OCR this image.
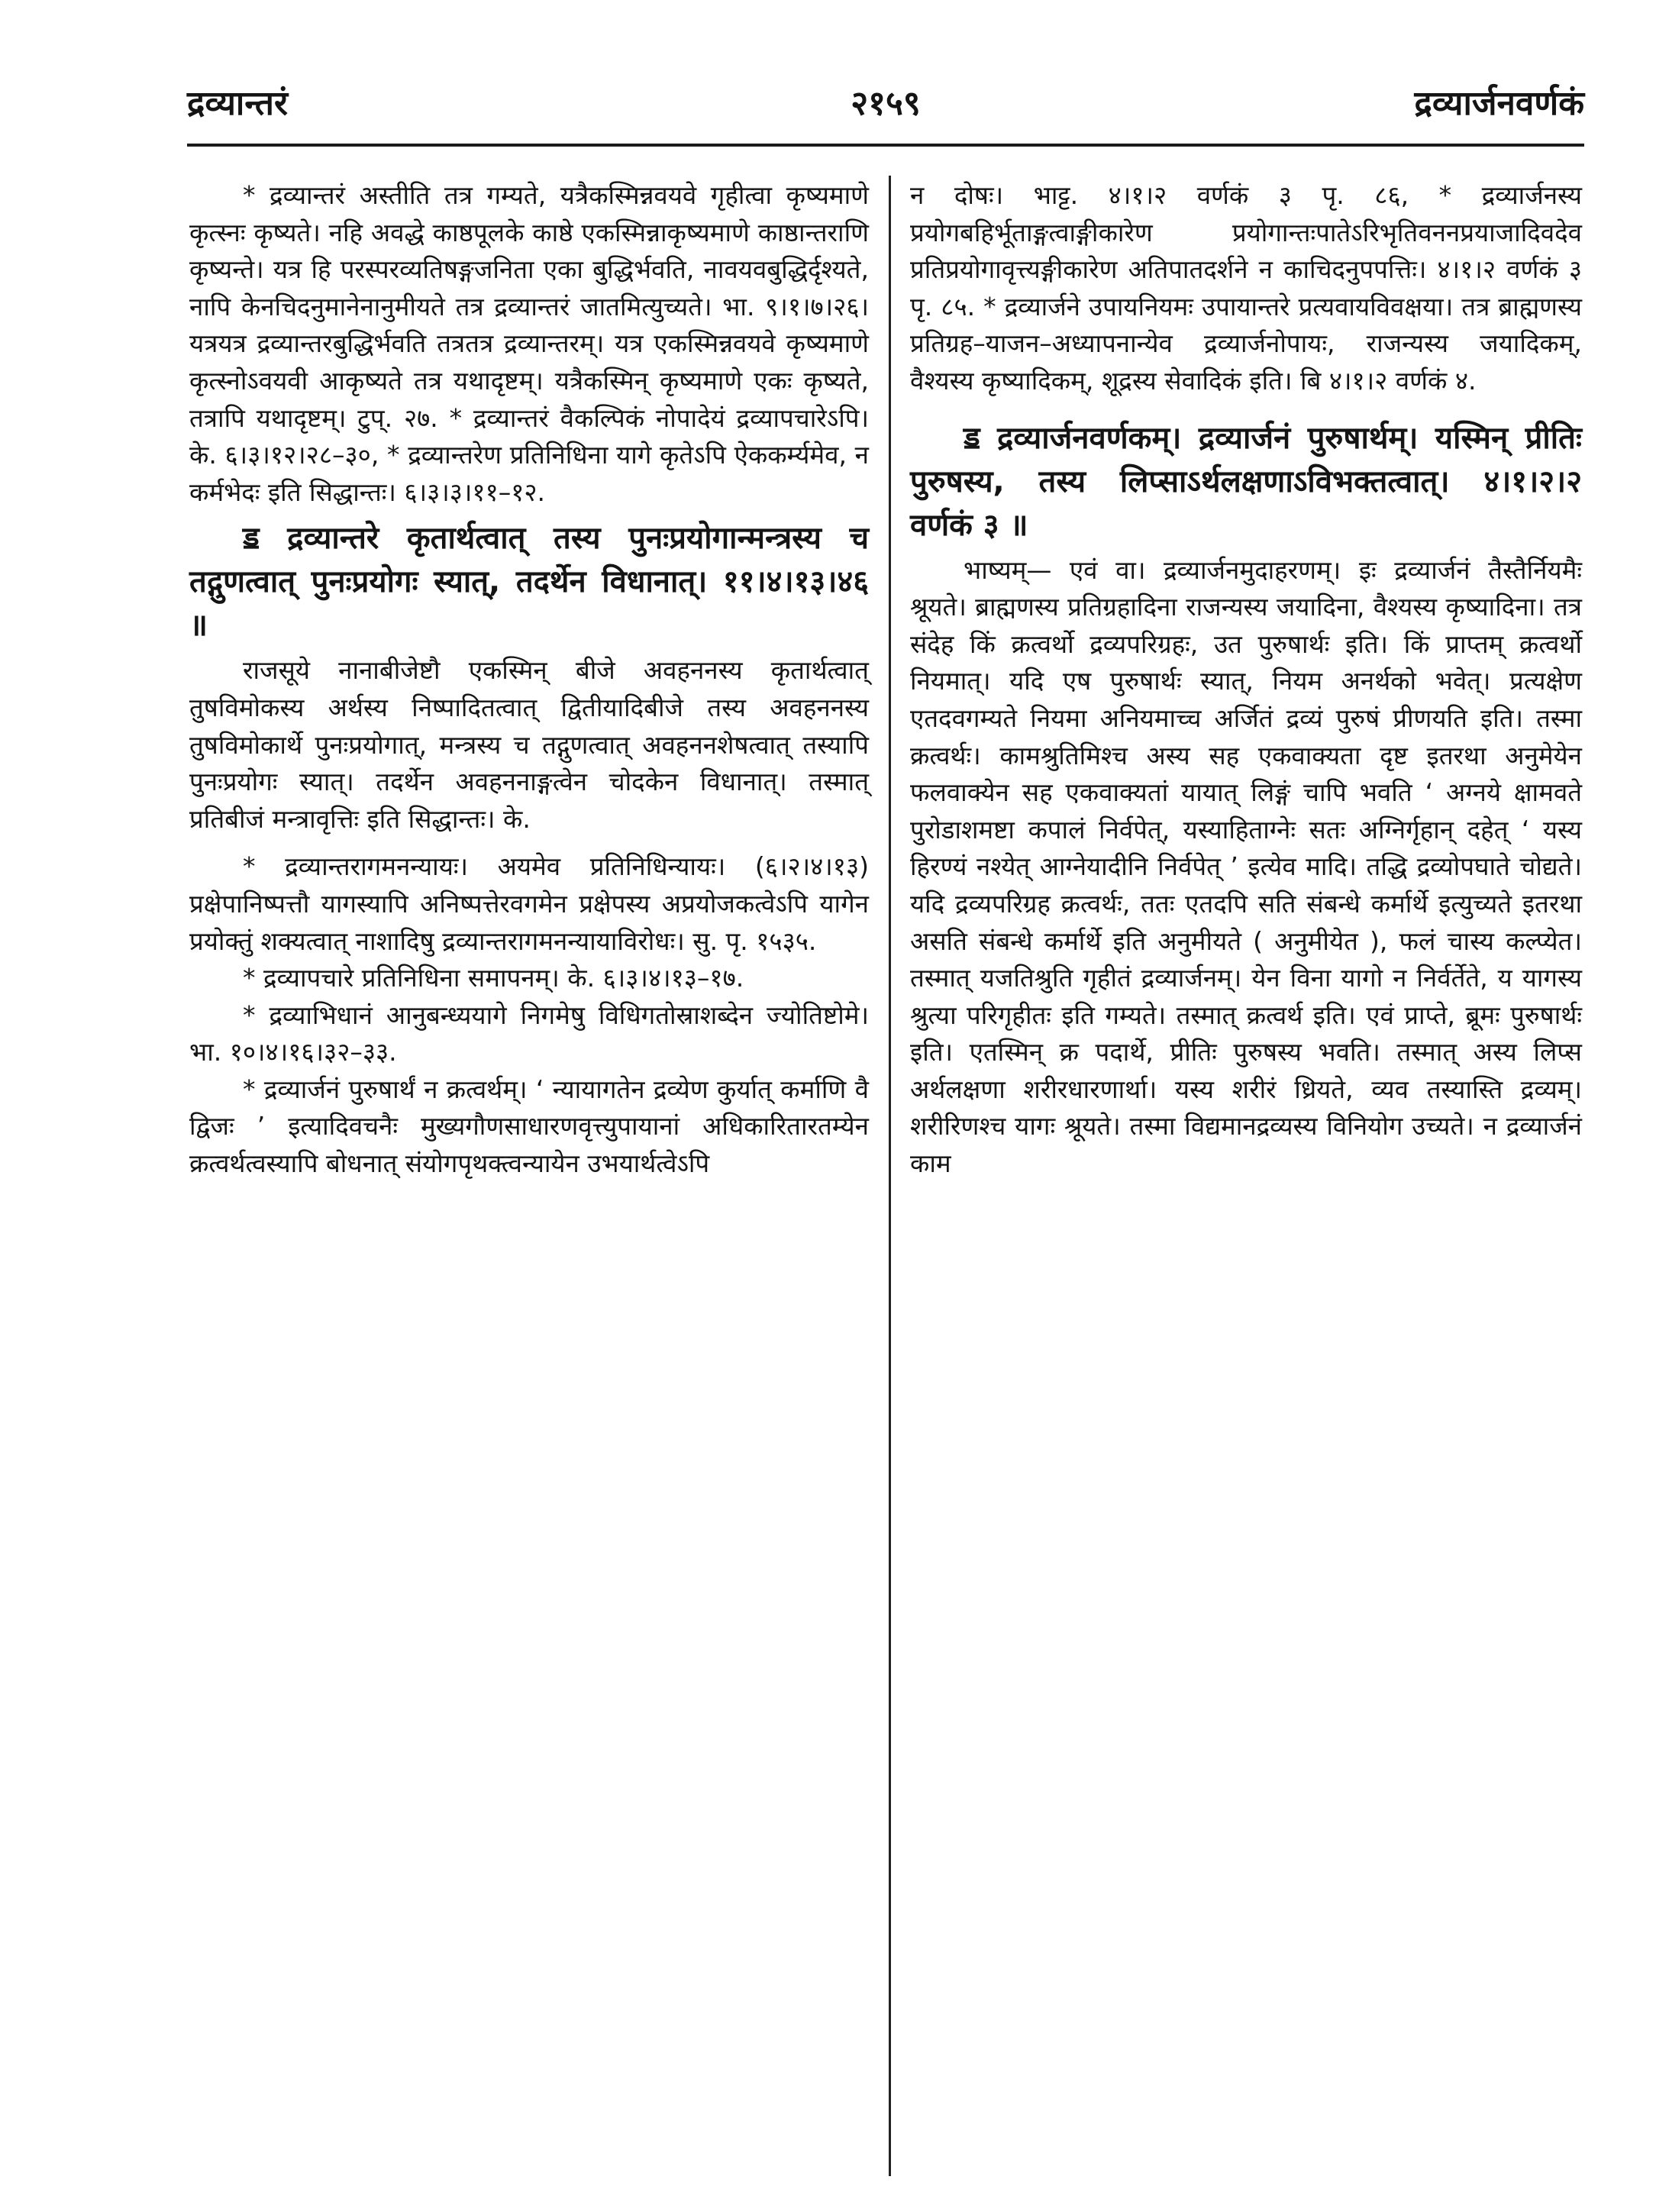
द्रव्यान्तरं	२१५९	द्रव्यार्जनवर्णकं

* द्रव्यान्तरं अस्तीति तत्र गम्यते, यत्रैकस्मिन्नवयवे गृहीत्वा कृष्यमाणे कृत्स्नः कृष्यते। नहि अवद्धे काष्ठपूलके काष्ठे एकस्मिन्नाकृष्यमाणे काष्ठान्तराणि कृष्यन्ते। यत्र हि परस्परव्यतिषङ्गजनिता एका बुद्धिर्भवति, नावयवबुद्धिर्दृश्यते, नापि केनचिदनुमानेनानुमीयते तत्र द्रव्यान्तरं जातमित्युच्यते। भा. ९।१।७।२६। यत्रयत्र द्रव्यान्तरबुद्धिर्भवति तत्रतत्र द्रव्यान्तरम्। यत्र एकस्मिन्नवयवे कृष्यमाणे कृत्स्नोऽवयवी आकृष्यते तत्र यथादृष्टम्। यत्रैकस्मिन् कृष्यमाणे एकः कृष्यते, तत्रापि यथादृष्टम्। टुप्. २७. * द्रव्यान्तरं वैकल्पिकं नोपादेयं द्रव्यापचारेऽपि। के. ६।३।१२।२८–३०, * द्रव्यान्तरेण प्रतिनिधिना यागे कृतेऽपि ऐककर्म्यमेव, न कर्मभेदः इति सिद्धान्तः। ६।३।३।११–१२.

ॾ द्रव्यान्तरे कृतार्थत्वात् तस्य पुनःप्रयोगान्मन्त्रस्य च तद्गुणत्वात् पुनःप्रयोगः स्यात्, तदर्थेन विधानात्। ११।४।१३।४६ ॥

राजसूये नानाबीजेष्टौ एकस्मिन् बीजे अवहननस्य कृतार्थत्वात् तुषविमोकस्य अर्थस्य निष्पादितत्वात् द्वितीयादिबीजे तस्य अवहननस्य तुषविमोकार्थे पुनःप्रयोगात्, मन्त्रस्य च तद्गुणत्वात् अवहननशेषत्वात् तस्यापि पुनःप्रयोगः स्यात्। तदर्थेन अवहननाङ्गत्वेन चोदकेन विधानात्। तस्मात् प्रतिबीजं मन्त्रावृत्तिः इति सिद्धान्तः। के.

* द्रव्यान्तरागमनन्यायः। अयमेव प्रतिनिधिन्यायः। (६।२।४।१३) प्रक्षेपानिष्पत्तौ यागस्यापि अनिष्पत्तेरवगमेन प्रक्षेपस्य अप्रयोजकत्वेऽपि यागेन प्रयोक्तुं शक्यत्वात् नाशादिषु द्रव्यान्तरागमनन्यायाविरोधः। सु. पृ. १५३५.

* द्रव्यापचारे प्रतिनिधिना समापनम्। के. ६।३।४।१३–१७.

* द्रव्याभिधानं आनुबन्ध्ययागे निगमेषु विधिगतोस्राशब्देन ज्योतिष्टोमे। भा. १०।४।१६।३२–३३.

* द्रव्यार्जनं पुरुषार्थं न क्रत्वर्थम्। ‘ न्यायागतेन द्रव्येण कुर्यात् कर्माणि वै द्विजः ’ इत्यादिवचनैः मुख्यगौणसाधारणवृत्त्युपायानां अधिकारितारतम्येन क्रत्वर्थत्वस्यापि बोधनात् संयोगपृथक्त्वन्यायेन उभयार्थत्वेऽपि

न दोषः। भाट्ट. ४।१।२ वर्णकं ३ पृ. ८६, * द्रव्यार्जनस्य प्रयोगबहिर्भूताङ्गत्वाङ्गीकारेण प्रयोगान्तःपातेऽरिभृतिवननप्रयाजादिवदेव प्रतिप्रयोगावृत्त्यङ्गीकारेण अतिपातदर्शने न काचिदनुपपत्तिः। ४।१।२ वर्णकं ३ पृ. ८५. * द्रव्यार्जने उपायनियमः उपायान्तरे प्रत्यवायविवक्षया। तत्र ब्राह्मणस्य प्रतिग्रह–याजन–अध्यापनान्येव द्रव्यार्जनोपायः, राजन्यस्य जयादिकम्, वैश्यस्य कृष्यादिकम्, शूद्रस्य सेवादिकं इति। बि ४।१।२ वर्णकं ४.

ॾ द्रव्यार्जनवर्णकम्। द्रव्यार्जनं पुरुषार्थम्। यस्मिन् प्रीतिः पुरुषस्य, तस्य लिप्साऽर्थलक्षणाऽविभक्तत्वात्। ४।१।२।२ वर्णकं ३ ॥

भाष्यम्— एवं वा। द्रव्यार्जनमुदाहरणम्। इः द्रव्यार्जनं तैस्तैर्नियमैः श्रूयते। ब्राह्मणस्य प्रतिग्रहादिना राजन्यस्य जयादिना, वैश्यस्य कृष्यादिना। तत्र संदेह किं क्रत्वर्थो द्रव्यपरिग्रहः, उत पुरुषार्थः इति। किं प्राप्तम् क्रत्वर्थो नियमात्। यदि एष पुरुषार्थः स्यात्, नियम अनर्थको भवेत्। प्रत्यक्षेण एतदवगम्यते नियमा अनियमाच्च अर्जितं द्रव्यं पुरुषं प्रीणयति इति। तस्मा क्रत्वर्थः। कामश्रुतिमिश्च अस्य सह एकवाक्यता दृष्ट इतरथा अनुमेयेन फलवाक्येन सह एकवाक्यतां यायात् लिङ्गं चापि भवति ‘ अग्नये क्षामवते पुरोडाशमष्टा कपालं निर्वपेत्, यस्याहिताग्नेः सतः अग्निर्गृहान् दहेत् ‘ यस्य हिरण्यं नश्येत् आग्नेयादीनि निर्वपेत् ’ इत्येव मादि। तद्धि द्रव्योपघाते चोद्यते। यदि द्रव्यपरिग्रह क्रत्वर्थः, ततः एतदपि सति संबन्धे कर्मार्थे इत्युच्यते इतरथा असति संबन्धे कर्मार्थे इति अनुमीयते ( अनुमीयेत ), फलं चास्य कल्प्येत। तस्मात् यजतिश्रुति गृहीतं द्रव्यार्जनम्। येन विना यागो न निर्वर्तेते, य यागस्य श्रुत्या परिगृहीतः इति गम्यते। तस्मात् क्रत्वर्थ इति। एवं प्राप्ते, ब्रूमः पुरुषार्थः इति। एतस्मिन् क्र पदार्थे, प्रीतिः पुरुषस्य भवति। तस्मात् अस्य लिप्स अर्थलक्षणा शरीरधारणार्था। यस्य शरीरं ध्रियते, व्यव तस्यास्ति द्रव्यम्। शरीरिणश्च यागः श्रूयते। तस्मा विद्यमानद्रव्यस्य विनियोग उच्यते। न द्रव्यार्जनं काम
